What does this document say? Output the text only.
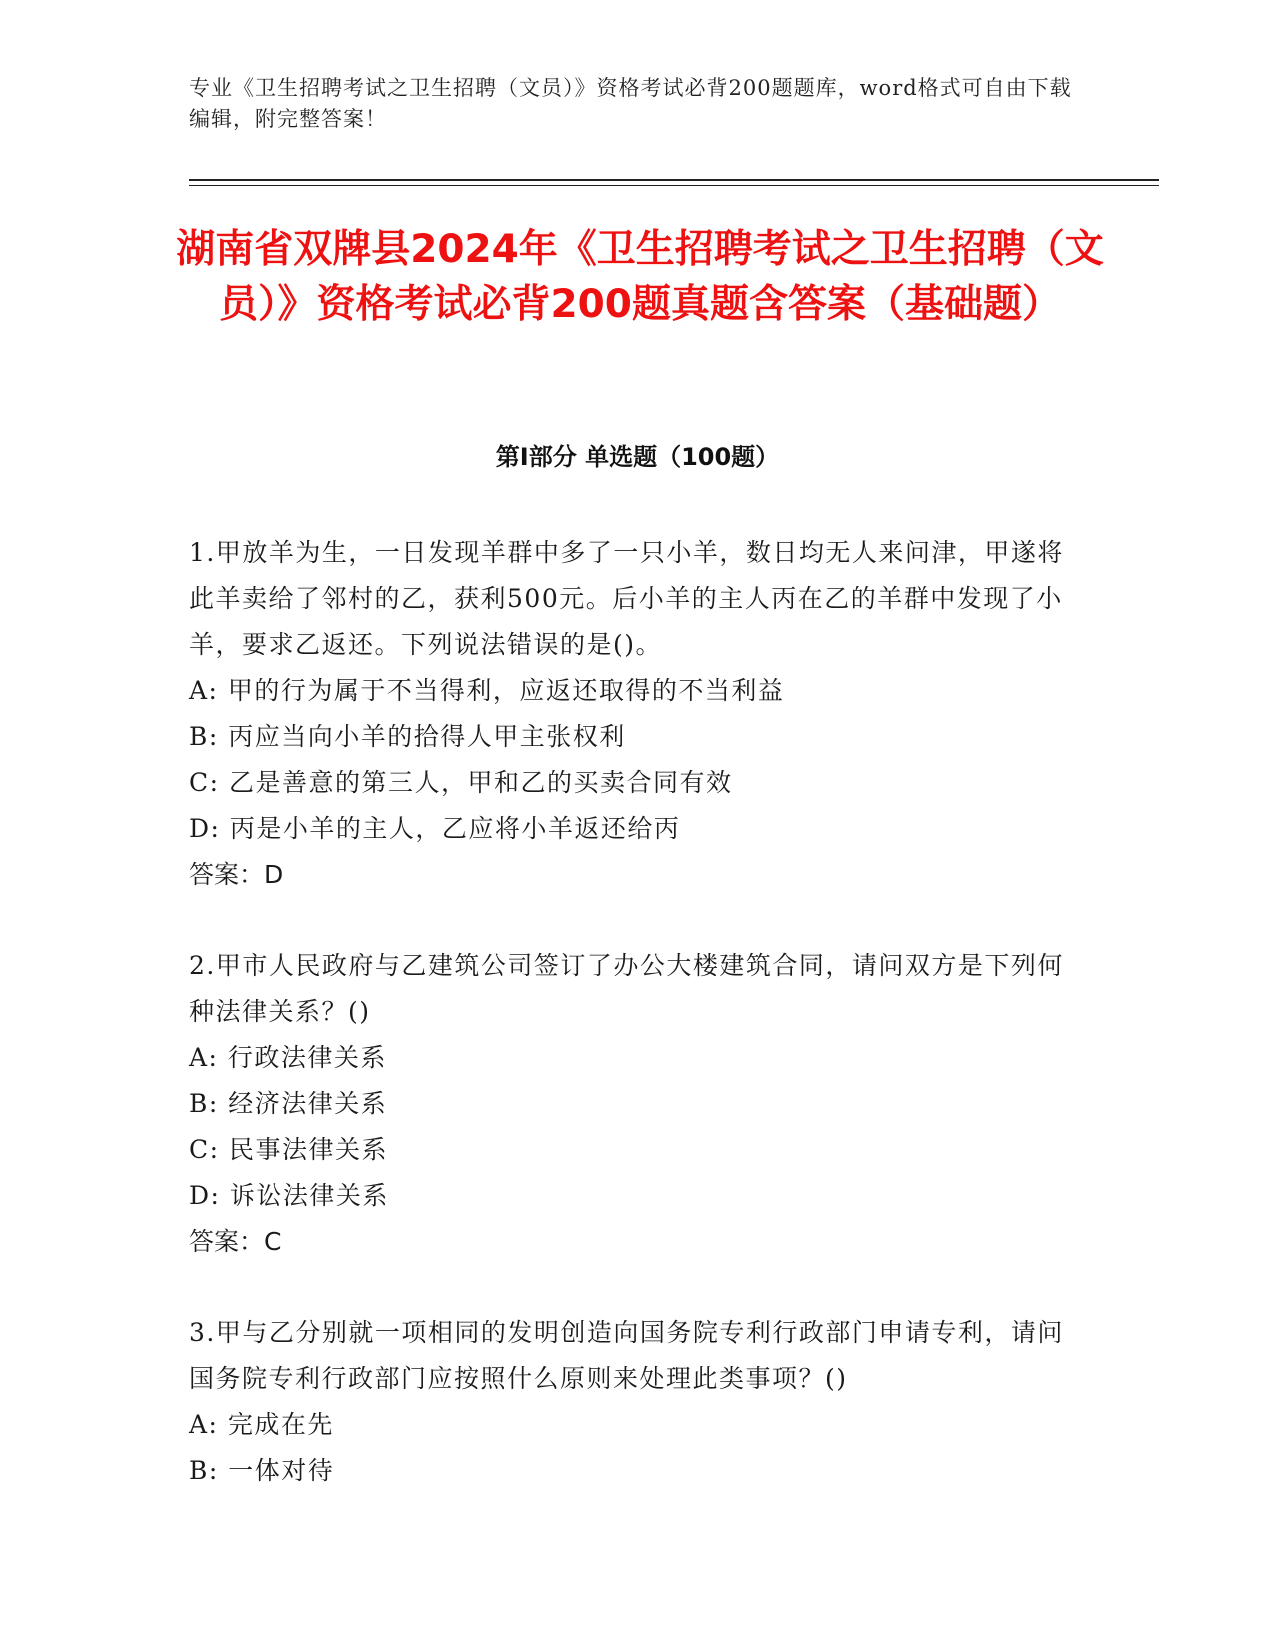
专业《卫生招聘考试之卫生招聘（文员）》资格考试必背200题题库，word格式可自由下载编辑，附完整答案！
湖南省双牌县2024年《卫生招聘考试之卫生招聘（文员）》资格考试必背200题真题含答案（基础题）
第Ⅰ部分 单选题（100题）

1.甲放羊为生，一日发现羊群中多了一只小羊，数日均无人来问津，甲遂将此羊卖给了邻村的乙，获利500元。后小羊的主人丙在乙的羊群中发现了小羊，要求乙返还。下列说法错误的是()。

A: 甲的行为属于不当得利，应返还取得的不当利益

B: 丙应当向小羊的拾得人甲主张权利

C: 乙是善意的第三人，甲和乙的买卖合同有效

D: 丙是小羊的主人，乙应将小羊返还给丙

答案：D

2.甲市人民政府与乙建筑公司签订了办公大楼建筑合同，请问双方是下列何种法律关系？()

A: 行政法律关系

B: 经济法律关系

C: 民事法律关系

D: 诉讼法律关系

答案：C

3.甲与乙分别就一项相同的发明创造向国务院专利行政部门申请专利，请问国务院专利行政部门应按照什么原则来处理此类事项？()

A: 完成在先

B: 一体对待
